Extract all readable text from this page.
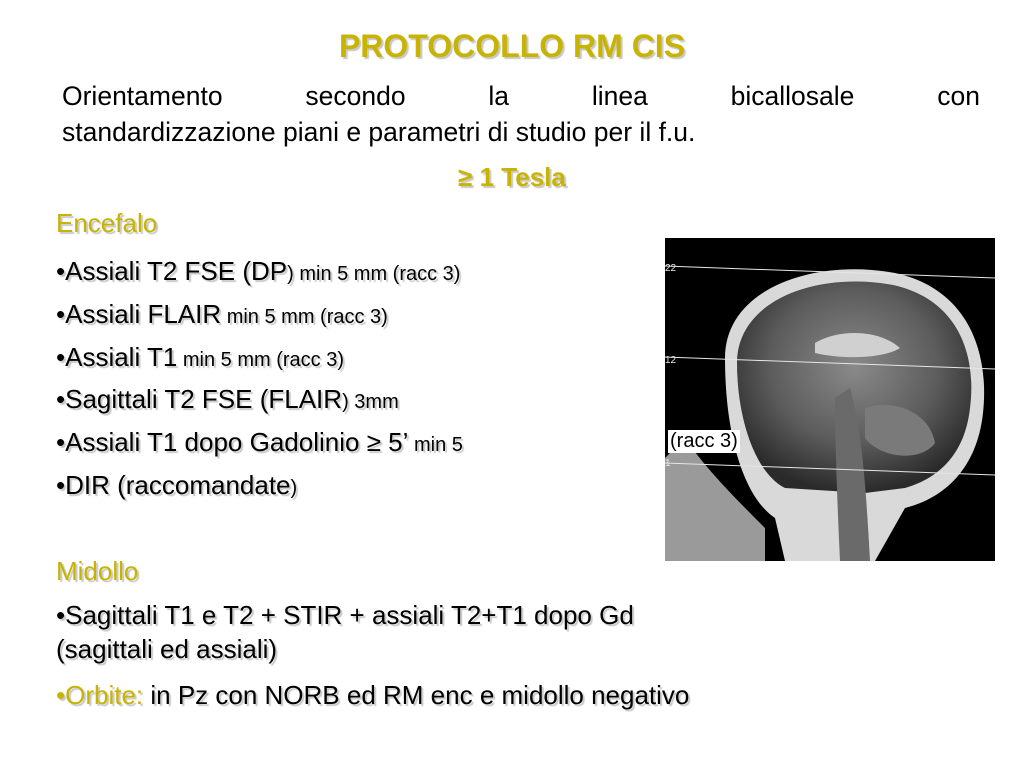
PROTOCOLLO RM CIS
Orientamento	secondo	la	linea	bicallosale	con
standardizzazione piani e parametri di studio per il f.u.
≥ 1 Tesla
Encefalo
•Assiali T2 FSE (DP) min 5 mm (racc 3)
•Assiali FLAIR min 5 mm (racc 3)
•Assiali T1 min 5 mm (racc 3)
•Sagittali T2 FSE (FLAIR) 3mm
•Assiali T1 dopo Gadolinio ≥ 5’ min 5
•DIR (raccomandate)
22
12
1
(racc 3)
Midollo
•Sagittali T1 e T2 + STIR + assiali T2+T1 dopo Gd
(sagittali ed assiali)
•Orbite: in Pz con NORB ed RM enc e midollo negativo
